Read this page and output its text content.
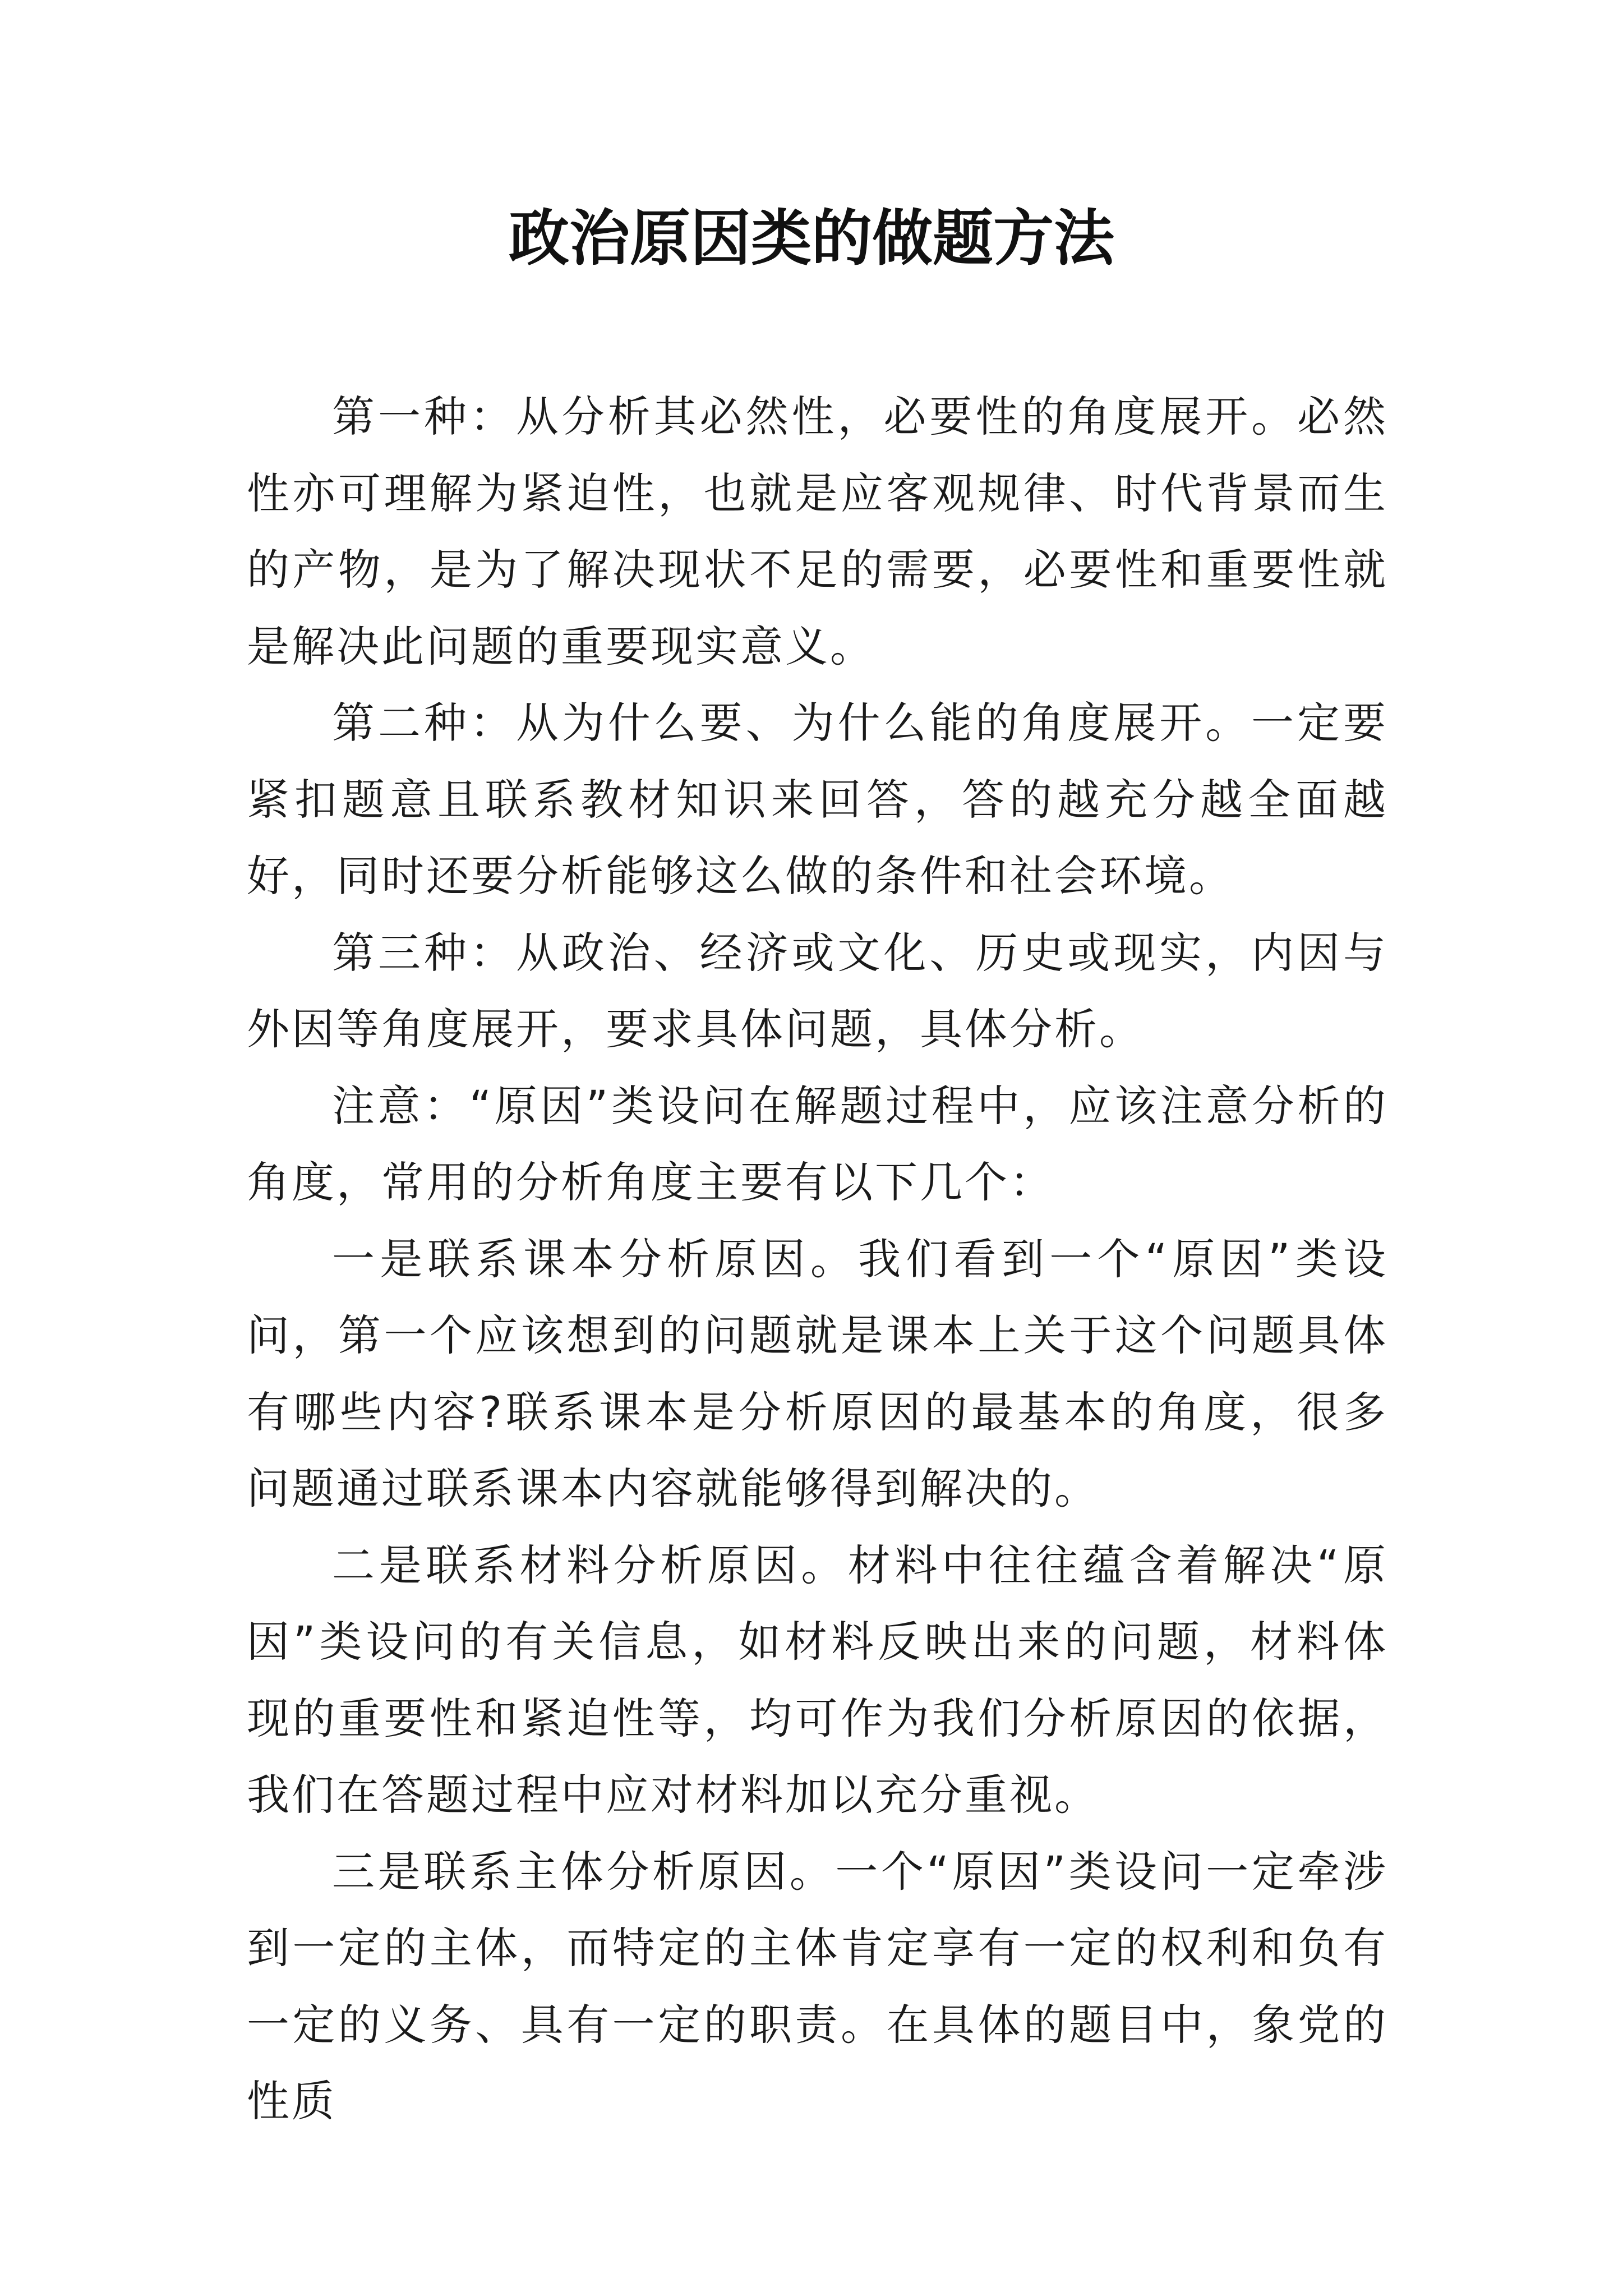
政治原因类的做题方法

第一种：从分析其必然性，必要性的角度展开。必然性亦可理解为紧迫性，也就是应客观规律、时代背景而生的产物，是为了解决现状不足的需要，必要性和重要性就是解决此问题的重要现实意义。

第二种：从为什么要、为什么能的角度展开。一定要紧扣题意且联系教材知识来回答，答的越充分越全面越好，同时还要分析能够这么做的条件和社会环境。

第三种：从政治、经济或文化、历史或现实，内因与外因等角度展开，要求具体问题，具体分析。

注意：“原因”类设问在解题过程中，应该注意分析的角度，常用的分析角度主要有以下几个：

一是联系课本分析原因。我们看到一个“原因”类设问，第一个应该想到的问题就是课本上关于这个问题具体有哪些内容?联系课本是分析原因的最基本的角度，很多问题通过联系课本内容就能够得到解决的。

二是联系材料分析原因。材料中往往蕴含着解决“原因”类设问的有关信息，如材料反映出来的问题，材料体现的重要性和紧迫性等，均可作为我们分析原因的依据，我们在答题过程中应对材料加以充分重视。

三是联系主体分析原因。一个“原因”类设问一定牵涉到一定的主体，而特定的主体肯定享有一定的权利和负有一定的义务、具有一定的职责。在具体的题目中，象党的性质
